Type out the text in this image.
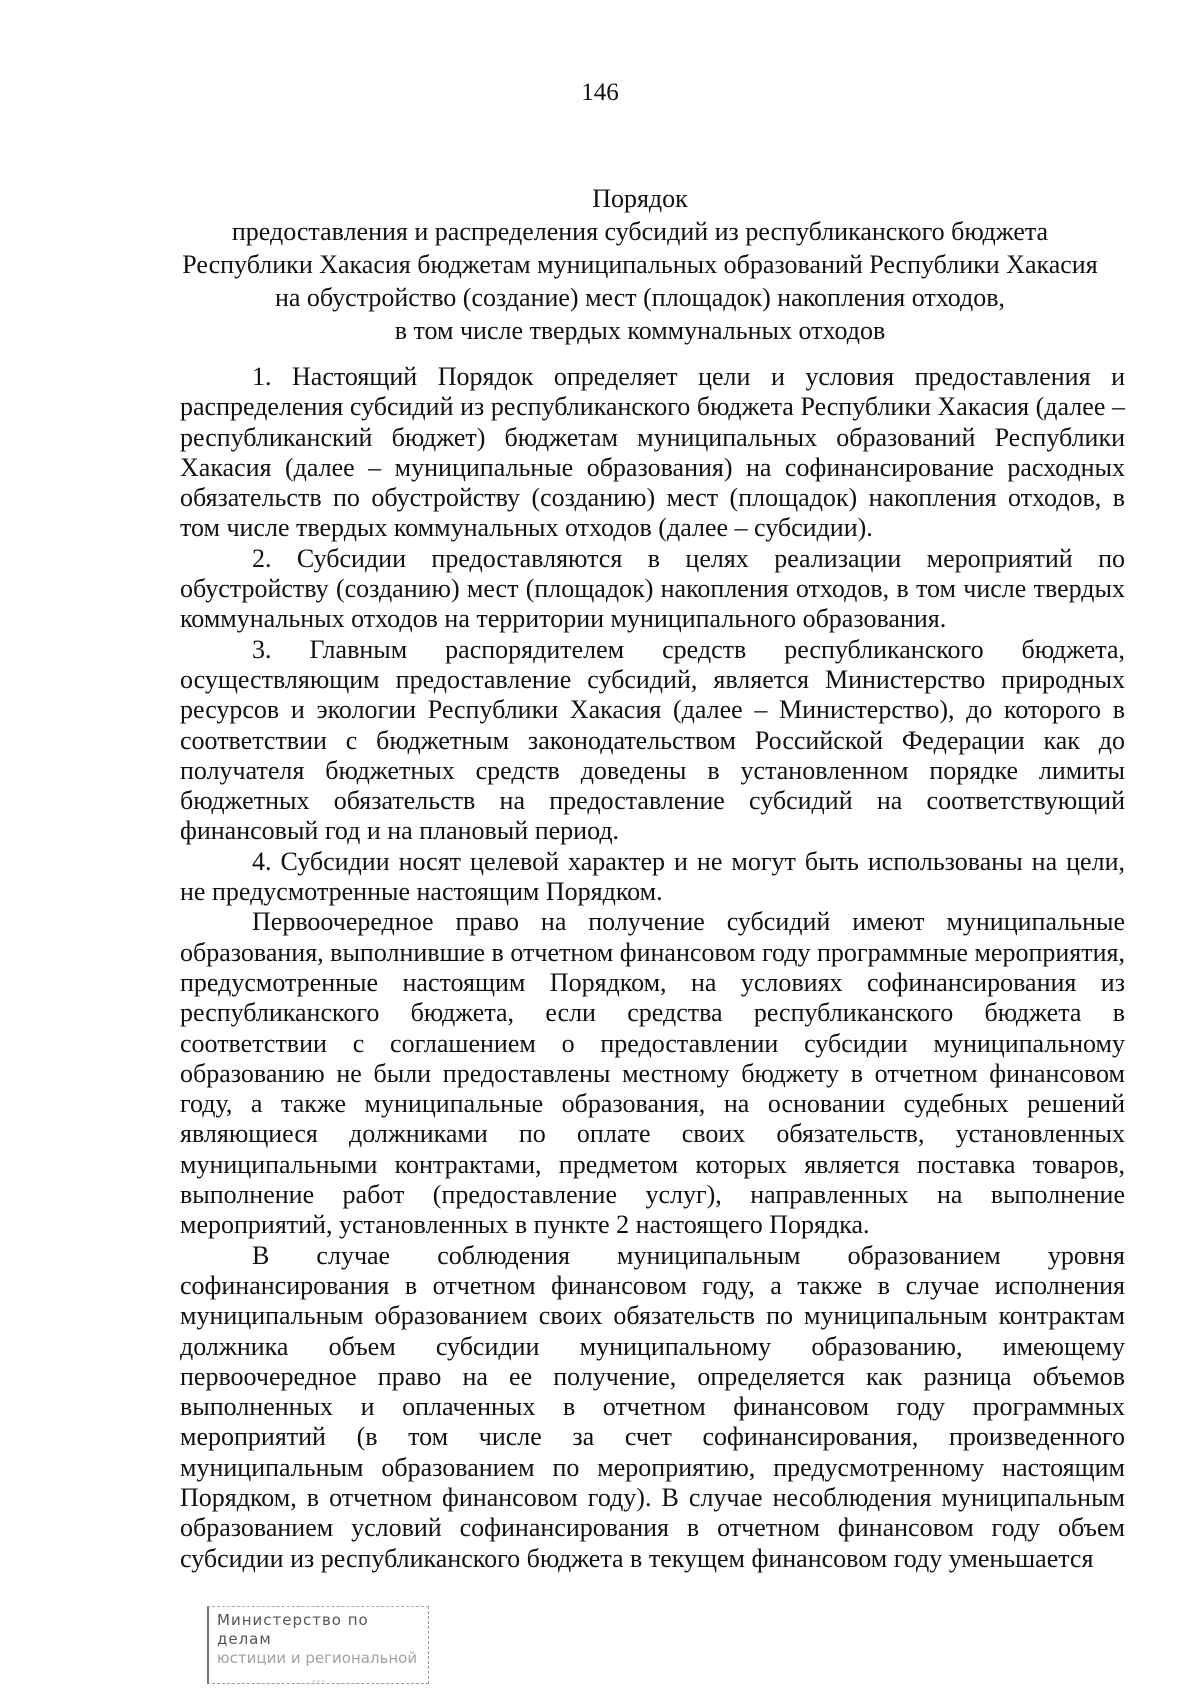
146
Порядок
предоставления и распределения субсидий из республиканского бюджета
Республики Хакасия бюджетам муниципальных образований Республики Хакасия
на обустройство (создание) мест (площадок) накопления отходов,
в том числе твердых коммунальных отходов

1. Настоящий Порядок определяет цели и условия предоставления и распределения субсидий из республиканского бюджета Республики Хакасия (далее – республиканский бюджет) бюджетам муниципальных образований Республики Хакасия (далее – муниципальные образования) на софинансирование расходных обязательств по обустройству (созданию) мест (площадок) накопления отходов, в том числе твердых коммунальных отходов (далее – субсидии).

2. Субсидии предоставляются в целях реализации мероприятий по обустройству (созданию) мест (площадок) накопления отходов, в том числе твердых коммунальных отходов на территории муниципального образования.

3. Главным распорядителем средств республиканского бюджета, осуществляющим предоставление субсидий, является Министерство природных ресурсов и экологии Республики Хакасия (далее – Министерство), до которого в соответствии с бюджетным законодательством Российской Федерации как до получателя бюджетных средств доведены в установленном порядке лимиты бюджетных обязательств на предоставление субсидий на соответствующий финансовый год и на плановый период.

4. Субсидии носят целевой характер и не могут быть использованы на цели, не предусмотренные настоящим Порядком.

Первоочередное право на получение субсидий имеют муниципальные образования, выполнившие в отчетном финансовом году программные мероприятия, предусмотренные настоящим Порядком, на условиях софинансирования из республиканского бюджета, если средства республиканского бюджета в соответствии с соглашением о предоставлении субсидии муниципальному образованию не были предоставлены местному бюджету в отчетном финансовом году, а также муниципальные образования, на основании судебных решений являющиеся должниками по оплате своих обязательств, установленных муниципальными контрактами, предметом которых является поставка товаров, выполнение работ (предоставление услуг), направленных на выполнение мероприятий, установленных в пункте 2 настоящего Порядка.

В случае соблюдения муниципальным образованием уровня софинансирования в отчетном финансовом году, а также в случае исполнения муниципальным образованием своих обязательств по муниципальным контрактам должника объем субсидии муниципальному образованию, имеющему первоочередное право на ее получение, определяется как разница объемов выполненных и оплаченных в отчетном финансовом году программных мероприятий (в том числе за счет софинансирования, произведенного муниципальным образованием по мероприятию, предусмотренному настоящим Порядком, в отчетном финансовом году). В случае несоблюдения муниципальным образованием условий софинансирования в отчетном финансовом году объем субсидии из республиканского бюджета в текущем финансовом году уменьшается

Министерство по делам
юстиции и региональной
...
